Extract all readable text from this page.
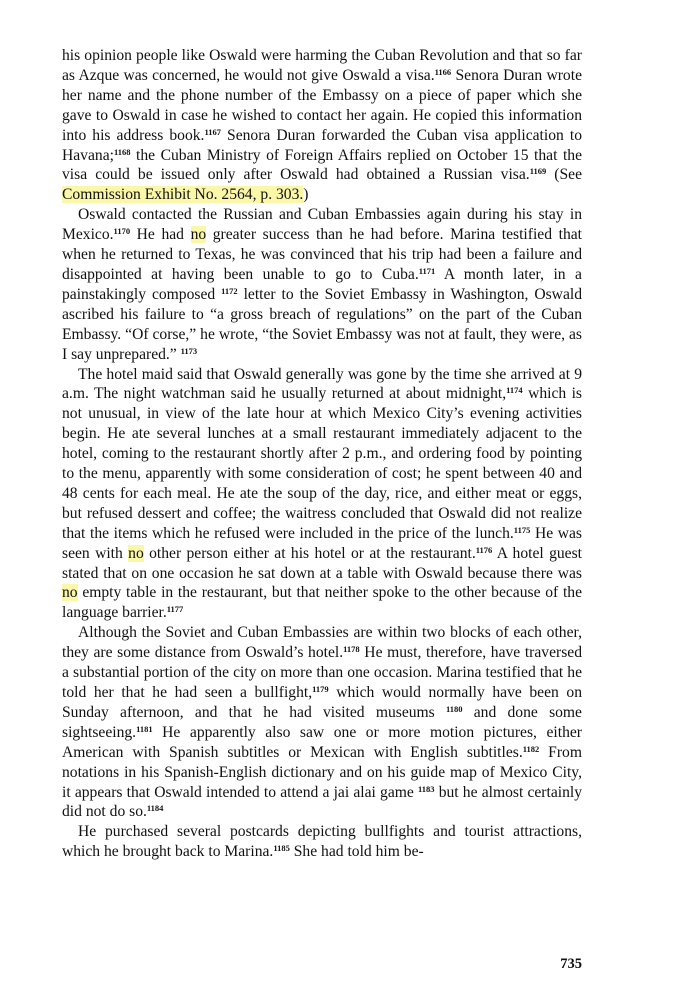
his opinion people like Oswald were harming the Cuban Revolution and that so far as Azque was concerned, he would not give Oswald a visa.$^{1166}$ Senora Duran wrote her name and the phone number of the Embassy on a piece of paper which she gave to Oswald in case he wished to contact her again. He copied this information into his address book.$^{1167}$ Senora Duran forwarded the Cuban visa application to Havana;$^{1168}$ the Cuban Ministry of Foreign Affairs replied on October 15 that the visa could be issued only after Oswald had obtained a Russian visa.$^{1169}$ (See Commission Exhibit No. 2564, p. 303.)

Oswald contacted the Russian and Cuban Embassies again during his stay in Mexico.$^{1170}$ He had no greater success than he had before. Marina testified that when he returned to Texas, he was convinced that his trip had been a failure and disappointed at having been unable to go to Cuba.$^{1171}$ A month later, in a painstakingly composed $^{1172}$ letter to the Soviet Embassy in Washington, Oswald ascribed his failure to “a gross breach of regulations” on the part of the Cuban Embassy. “Of corse,” he wrote, “the Soviet Embassy was not at fault, they were, as I say unprepared.” $^{1173}$

The hotel maid said that Oswald generally was gone by the time she arrived at 9 a.m. The night watchman said he usually returned at about midnight,$^{1174}$ which is not unusual, in view of the late hour at which Mexico City’s evening activities begin. He ate several lunches at a small restaurant immediately adjacent to the hotel, coming to the restaurant shortly after 2 p.m., and ordering food by pointing to the menu, apparently with some consideration of cost; he spent between 40 and 48 cents for each meal. He ate the soup of the day, rice, and either meat or eggs, but refused dessert and coffee; the waitress concluded that Oswald did not realize that the items which he refused were included in the price of the lunch.$^{1175}$ He was seen with no other person either at his hotel or at the restaurant.$^{1176}$ A hotel guest stated that on one occasion he sat down at a table with Oswald because there was no empty table in the restaurant, but that neither spoke to the other because of the language barrier.$^{1177}$

Although the Soviet and Cuban Embassies are within two blocks of each other, they are some distance from Oswald’s hotel.$^{1178}$ He must, therefore, have traversed a substantial portion of the city on more than one occasion. Marina testified that he told her that he had seen a bullfight,$^{1179}$ which would normally have been on Sunday afternoon, and that he had visited museums $^{1180}$ and done some sightseeing.$^{1181}$ He apparently also saw one or more motion pictures, either American with Spanish subtitles or Mexican with English subtitles.$^{1182}$ From notations in his Spanish-English dictionary and on his guide map of Mexico City, it appears that Oswald intended to attend a jai alai game $^{1183}$ but he almost certainly did not do so.$^{1184}$

He purchased several postcards depicting bullfights and tourist attractions, which he brought back to Marina.$^{1185}$ She had told him be-

735
